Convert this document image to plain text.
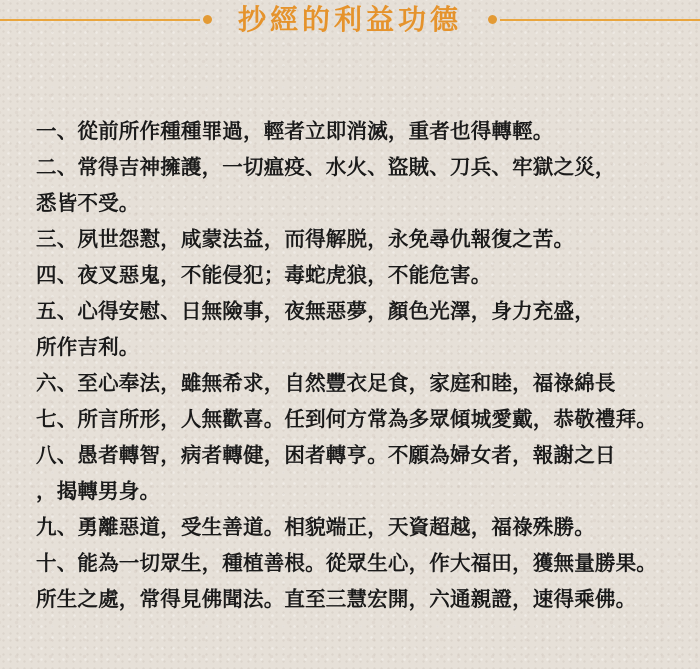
抄經的利益功德
一、從前所作種種罪過，輕者立即消滅，重者也得轉輕。
二、常得吉神擁護，一切瘟疫、水火、盜賊、刀兵、牢獄之災，
悉皆不受。
三、夙世怨懟，咸蒙法益，而得解脱，永免尋仇報復之苦。
四、夜叉惡鬼，不能侵犯；毒蛇虎狼，不能危害。
五、心得安慰、日無險事，夜無惡夢，顏色光澤，身力充盛，
所作吉利。
六、至心奉法，雖無希求，自然豐衣足食，家庭和睦，福祿綿長
七、所言所形，人無歡喜。任到何方常為多眾傾城愛戴，恭敬禮拜。
八、愚者轉智，病者轉健，困者轉亨。不願為婦女者，報謝之日
，揭轉男身。
九、勇離惡道，受生善道。相貌端正，天資超越，福祿殊勝。
十、能為一切眾生，種植善根。從眾生心，作大福田，獲無量勝果。
所生之處，常得見佛聞法。直至三慧宏開，六通親證，速得乘佛。
